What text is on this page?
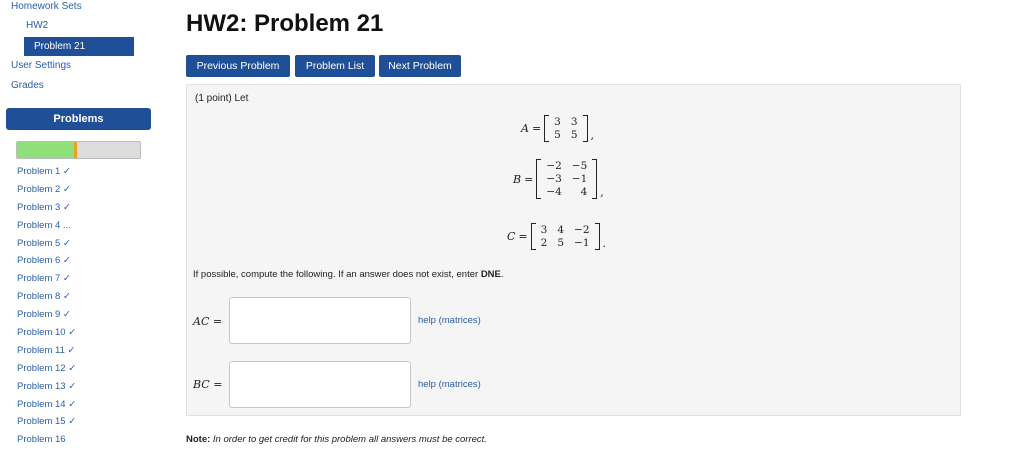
Homework Sets
HW2
Problem 21
User Settings
Grades
Problems
Problem 1 ✓
Problem 2 ✓
Problem 3 ✓
Problem 4 ...
Problem 5 ✓
Problem 6 ✓
Problem 7 ✓
Problem 8 ✓
Problem 9 ✓
Problem 10 ✓
Problem 11 ✓
Problem 12 ✓
Problem 13 ✓
Problem 14 ✓
Problem 15 ✓
Problem 16
HW2: Problem 21
Previous Problem	Problem List	Next Problem
(1 point) Let
A = 3 3
5 5 ,
B =
−2 −5
−3 −1
−4	4 ,
C = 3 4 −2
2 5 −1 .
If possible, compute the following. If an answer does not exist, enter DNE.
AC =	help (matrices)
BC =	help (matrices)
Note: In order to get credit for this problem all answers must be correct.
